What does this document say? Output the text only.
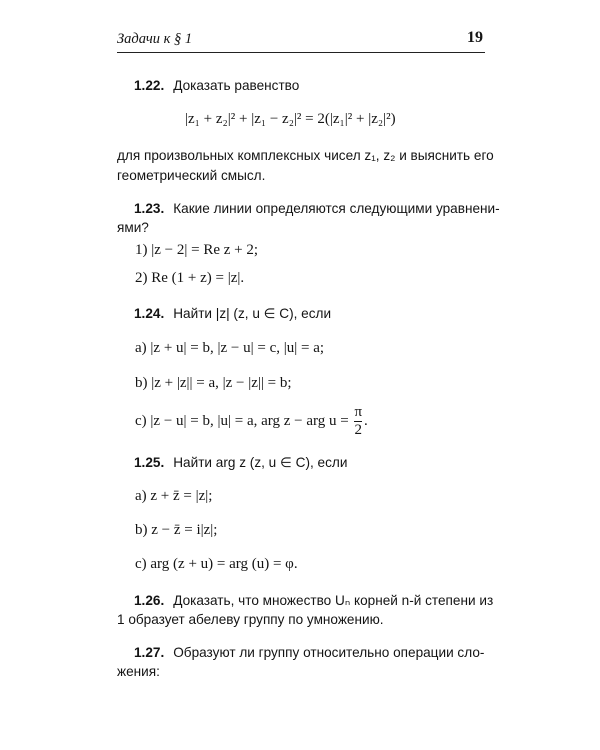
Задачи к § 1	19
1.22. Доказать равенство
|z₁ + z₂|² + |z₁ − z₂|² = 2(|z₁|² + |z₂|²)
для произвольных комплексных чисел z₁, z₂ и выяснить его
геометрический смысл.
1.23. Какие линии определяются следующими уравнени-
ями?
1) |z − 2| = Re z + 2;
2) Re (1 + z) = |z|.
1.24. Найти |z| (z, u ∈ C), если
a) |z + u| = b, |z − u| = c, |u| = a;
b) |z + |z|| = a, |z − |z|| = b;
c) |z − u| = b, |u| = a, arg z − arg $u = \frac{\pi}{2}$ .
1.25. Найти arg z (z, u ∈ C), если
a) z + z̄ = |z|;
b) z − z̄ = i|z|;
c) arg (z + u) = arg (u) = φ.
1.26. Доказать, что множество Uₙ корней n-й степени из
1 образует абелеву группу по умножению.
1.27. Образуют ли группу относительно операции сло-
жения:
